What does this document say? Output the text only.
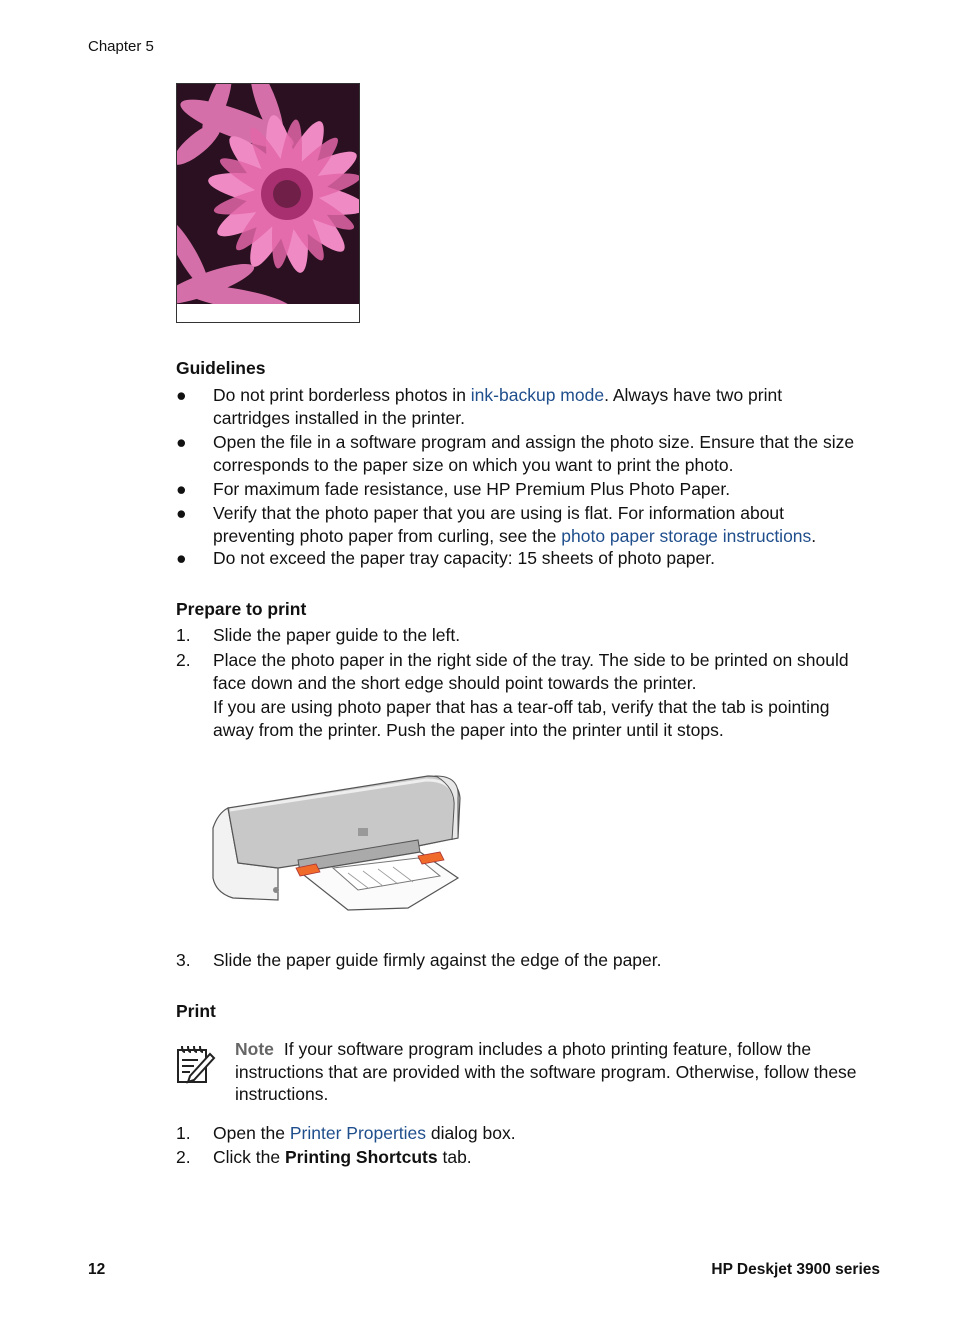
Chapter 5
Guidelines
● Do not print borderless photos in ink-backup mode. Always have two print cartridges installed in the printer.
● Open the file in a software program and assign the photo size. Ensure that the size corresponds to the paper size on which you want to print the photo.
● For maximum fade resistance, use HP Premium Plus Photo Paper.
● Verify that the photo paper that you are using is flat. For information about preventing photo paper from curling, see the photo paper storage instructions.
● Do not exceed the paper tray capacity: 15 sheets of photo paper.
Prepare to print
1. Slide the paper guide to the left.
2. Place the photo paper in the right side of the tray. The side to be printed on should face down and the short edge should point towards the printer.
If you are using photo paper that has a tear-off tab, verify that the tab is pointing away from the printer. Push the paper into the printer until it stops.
3. Slide the paper guide firmly against the edge of the paper.
Print
Note If your software program includes a photo printing feature, follow the instructions that are provided with the software program. Otherwise, follow these instructions.
1. Open the Printer Properties dialog box.
2. Click the Printing Shortcuts tab.
12	HP Deskjet 3900 series
